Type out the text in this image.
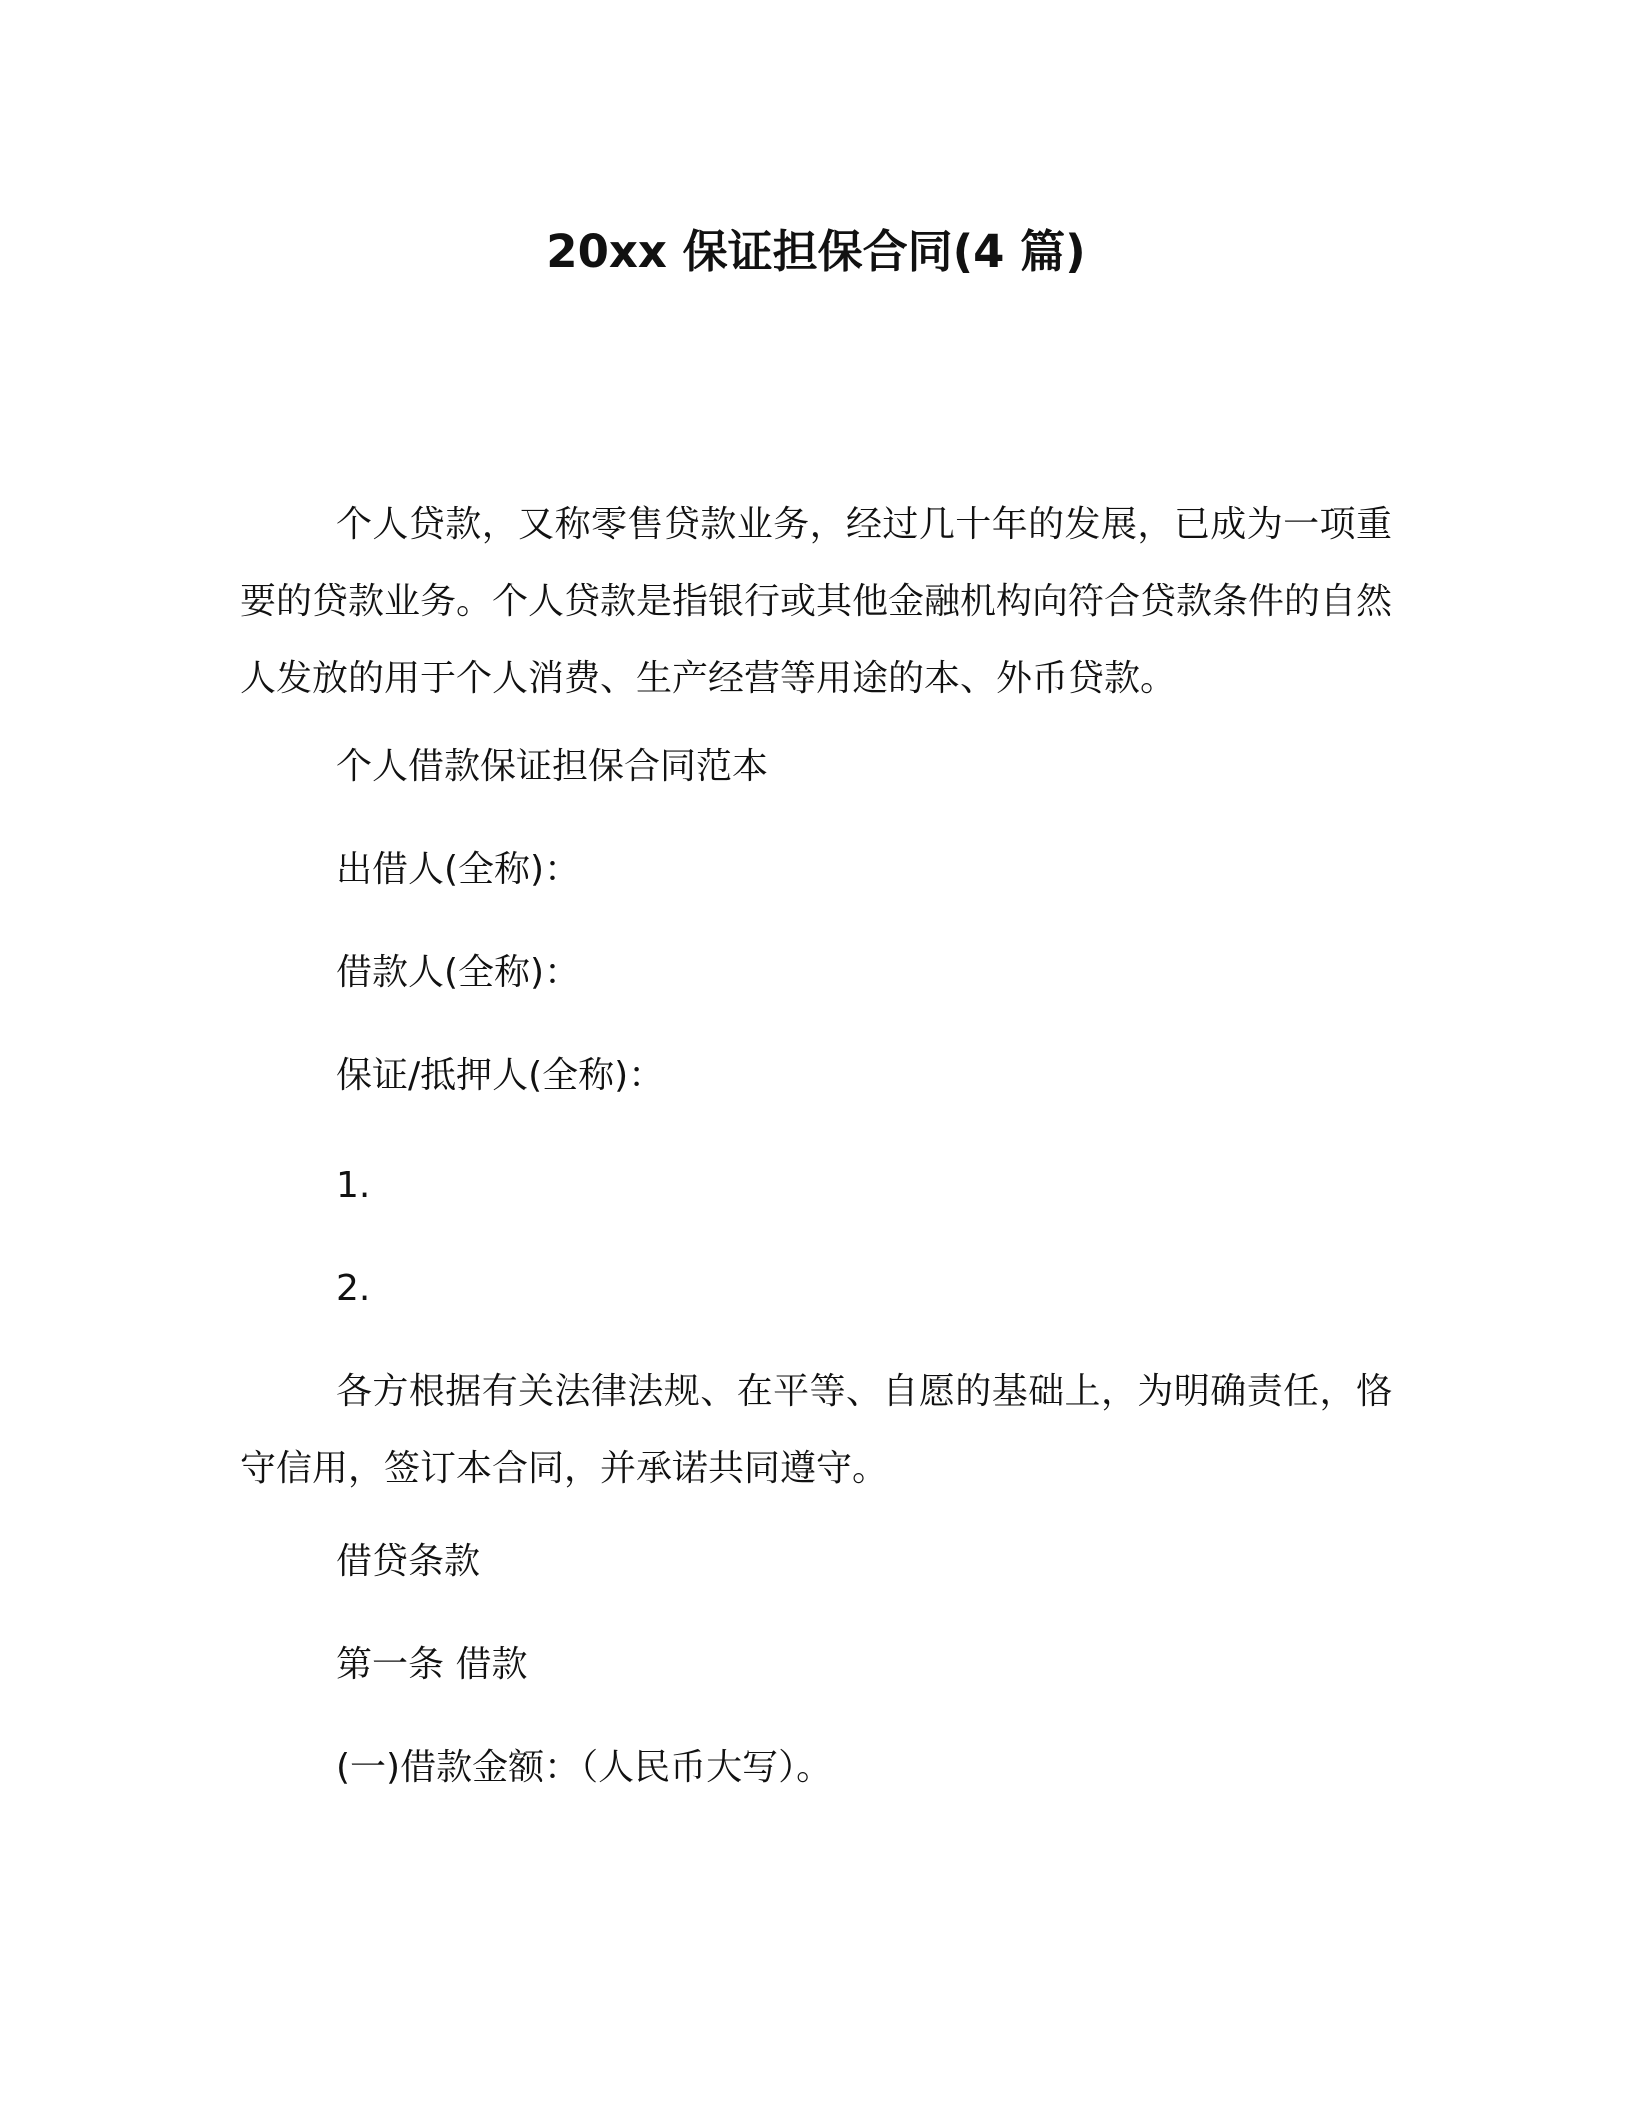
20xx 保证担保合同(4 篇)

个人贷款，又称零售贷款业务，经过几十年的发展，已成为一项重要的贷款业务。个人贷款是指银行或其他金融机构向符合贷款条件的自然人发放的用于个人消费、生产经营等用途的本、外币贷款。

个人借款保证担保合同范本

出借人(全称)：

借款人(全称)：

保证/抵押人(全称)：

1.

2.

各方根据有关法律法规、在平等、自愿的基础上，为明确责任，恪守信用，签订本合同，并承诺共同遵守。

借贷条款

第一条 借款

(一)借款金额：（人民币大写）。
